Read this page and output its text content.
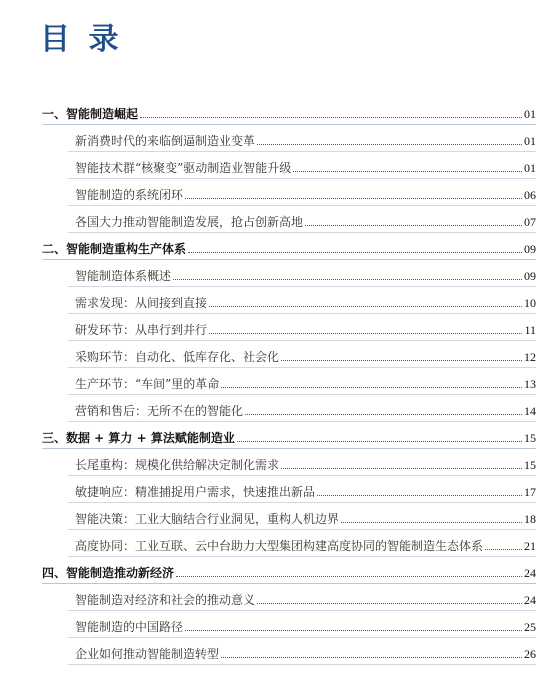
目 录
一、智能制造崛起	01
新消费时代的来临倒逼制造业变革	01
智能技术群“核聚变”驱动制造业智能升级	01
智能制造的系统闭环	06
各国大力推动智能制造发展，抢占创新高地	07
二、智能制造重构生产体系	09
智能制造体系概述	09
需求发现：从间接到直接	10
研发环节：从串行到并行	11
采购环节：自动化、低库存化、社会化	12
生产环节：“车间”里的革命	13
营销和售后：无所不在的智能化	14
三、数据 + 算力 + 算法赋能制造业	15
长尾重构：规模化供给解决定制化需求	15
敏捷响应：精准捕捉用户需求，快速推出新品	17
智能决策：工业大脑结合行业洞见，重构人机边界	18
高度协同：工业互联、云中台助力大型集团构建高度协同的智能制造生态体系	21
四、智能制造推动新经济	24
智能制造对经济和社会的推动意义	24
智能制造的中国路径	25
企业如何推动智能制造转型	26
